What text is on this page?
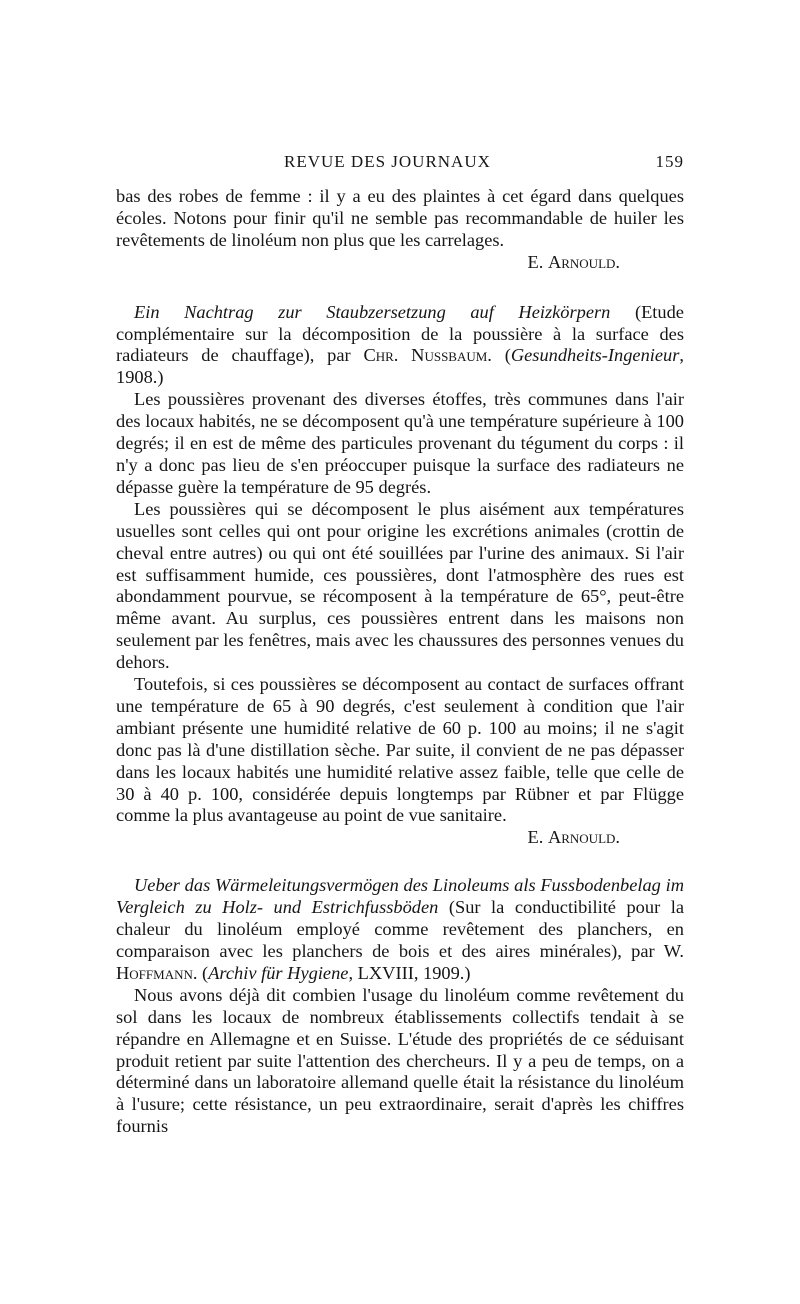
REVUE DES JOURNAUX	159

bas des robes de femme : il y a eu des plaintes à cet égard dans quelques écoles. Notons pour finir qu'il ne semble pas recommandable de huiler les revêtements de linoléum non plus que les carrelages.

E. Arnould.

Ein Nachtrag zur Staubzersetzung auf Heizkörpern (Etude complémentaire sur la décomposition de la poussière à la surface des radiateurs de chauffage), par Chr. Nussbaum. (Gesundheits-Ingenieur, 1908.)

Les poussières provenant des diverses étoffes, très communes dans l'air des locaux habités, ne se décomposent qu'à une température supérieure à 100 degrés; il en est de même des particules provenant du tégument du corps : il n'y a donc pas lieu de s'en préoccuper puisque la surface des radiateurs ne dépasse guère la température de 95 degrés.

Les poussières qui se décomposent le plus aisément aux températures usuelles sont celles qui ont pour origine les excrétions animales (crottin de cheval entre autres) ou qui ont été souillées par l'urine des animaux. Si l'air est suffisamment humide, ces poussières, dont l'atmosphère des rues est abondamment pourvue, se récomposent à la température de 65°, peut-être même avant. Au surplus, ces poussières entrent dans les maisons non seulement par les fenêtres, mais avec les chaussures des personnes venues du dehors.

Toutefois, si ces poussières se décomposent au contact de surfaces offrant une température de 65 à 90 degrés, c'est seulement à condition que l'air ambiant présente une humidité relative de 60 p. 100 au moins; il ne s'agit donc pas là d'une distillation sèche. Par suite, il convient de ne pas dépasser dans les locaux habités une humidité relative assez faible, telle que celle de 30 à 40 p. 100, considérée depuis longtemps par Rübner et par Flügge comme la plus avantageuse au point de vue sanitaire.

E. Arnould.

Ueber das Wärmeleitungsvermögen des Linoleums als Fussbodenbelag im Vergleich zu Holz- und Estrichfussböden (Sur la conductibilité pour la chaleur du linoléum employé comme revêtement des planchers, en comparaison avec les planchers de bois et des aires minérales), par W. Hoffmann. (Archiv für Hygiene, LXVIII, 1909.)

Nous avons déjà dit combien l'usage du linoléum comme revêtement du sol dans les locaux de nombreux établissements collectifs tendait à se répandre en Allemagne et en Suisse. L'étude des propriétés de ce séduisant produit retient par suite l'attention des chercheurs. Il y a peu de temps, on a déterminé dans un laboratoire allemand quelle était la résistance du linoléum à l'usure; cette résistance, un peu extraordinaire, serait d'après les chiffres fournis
